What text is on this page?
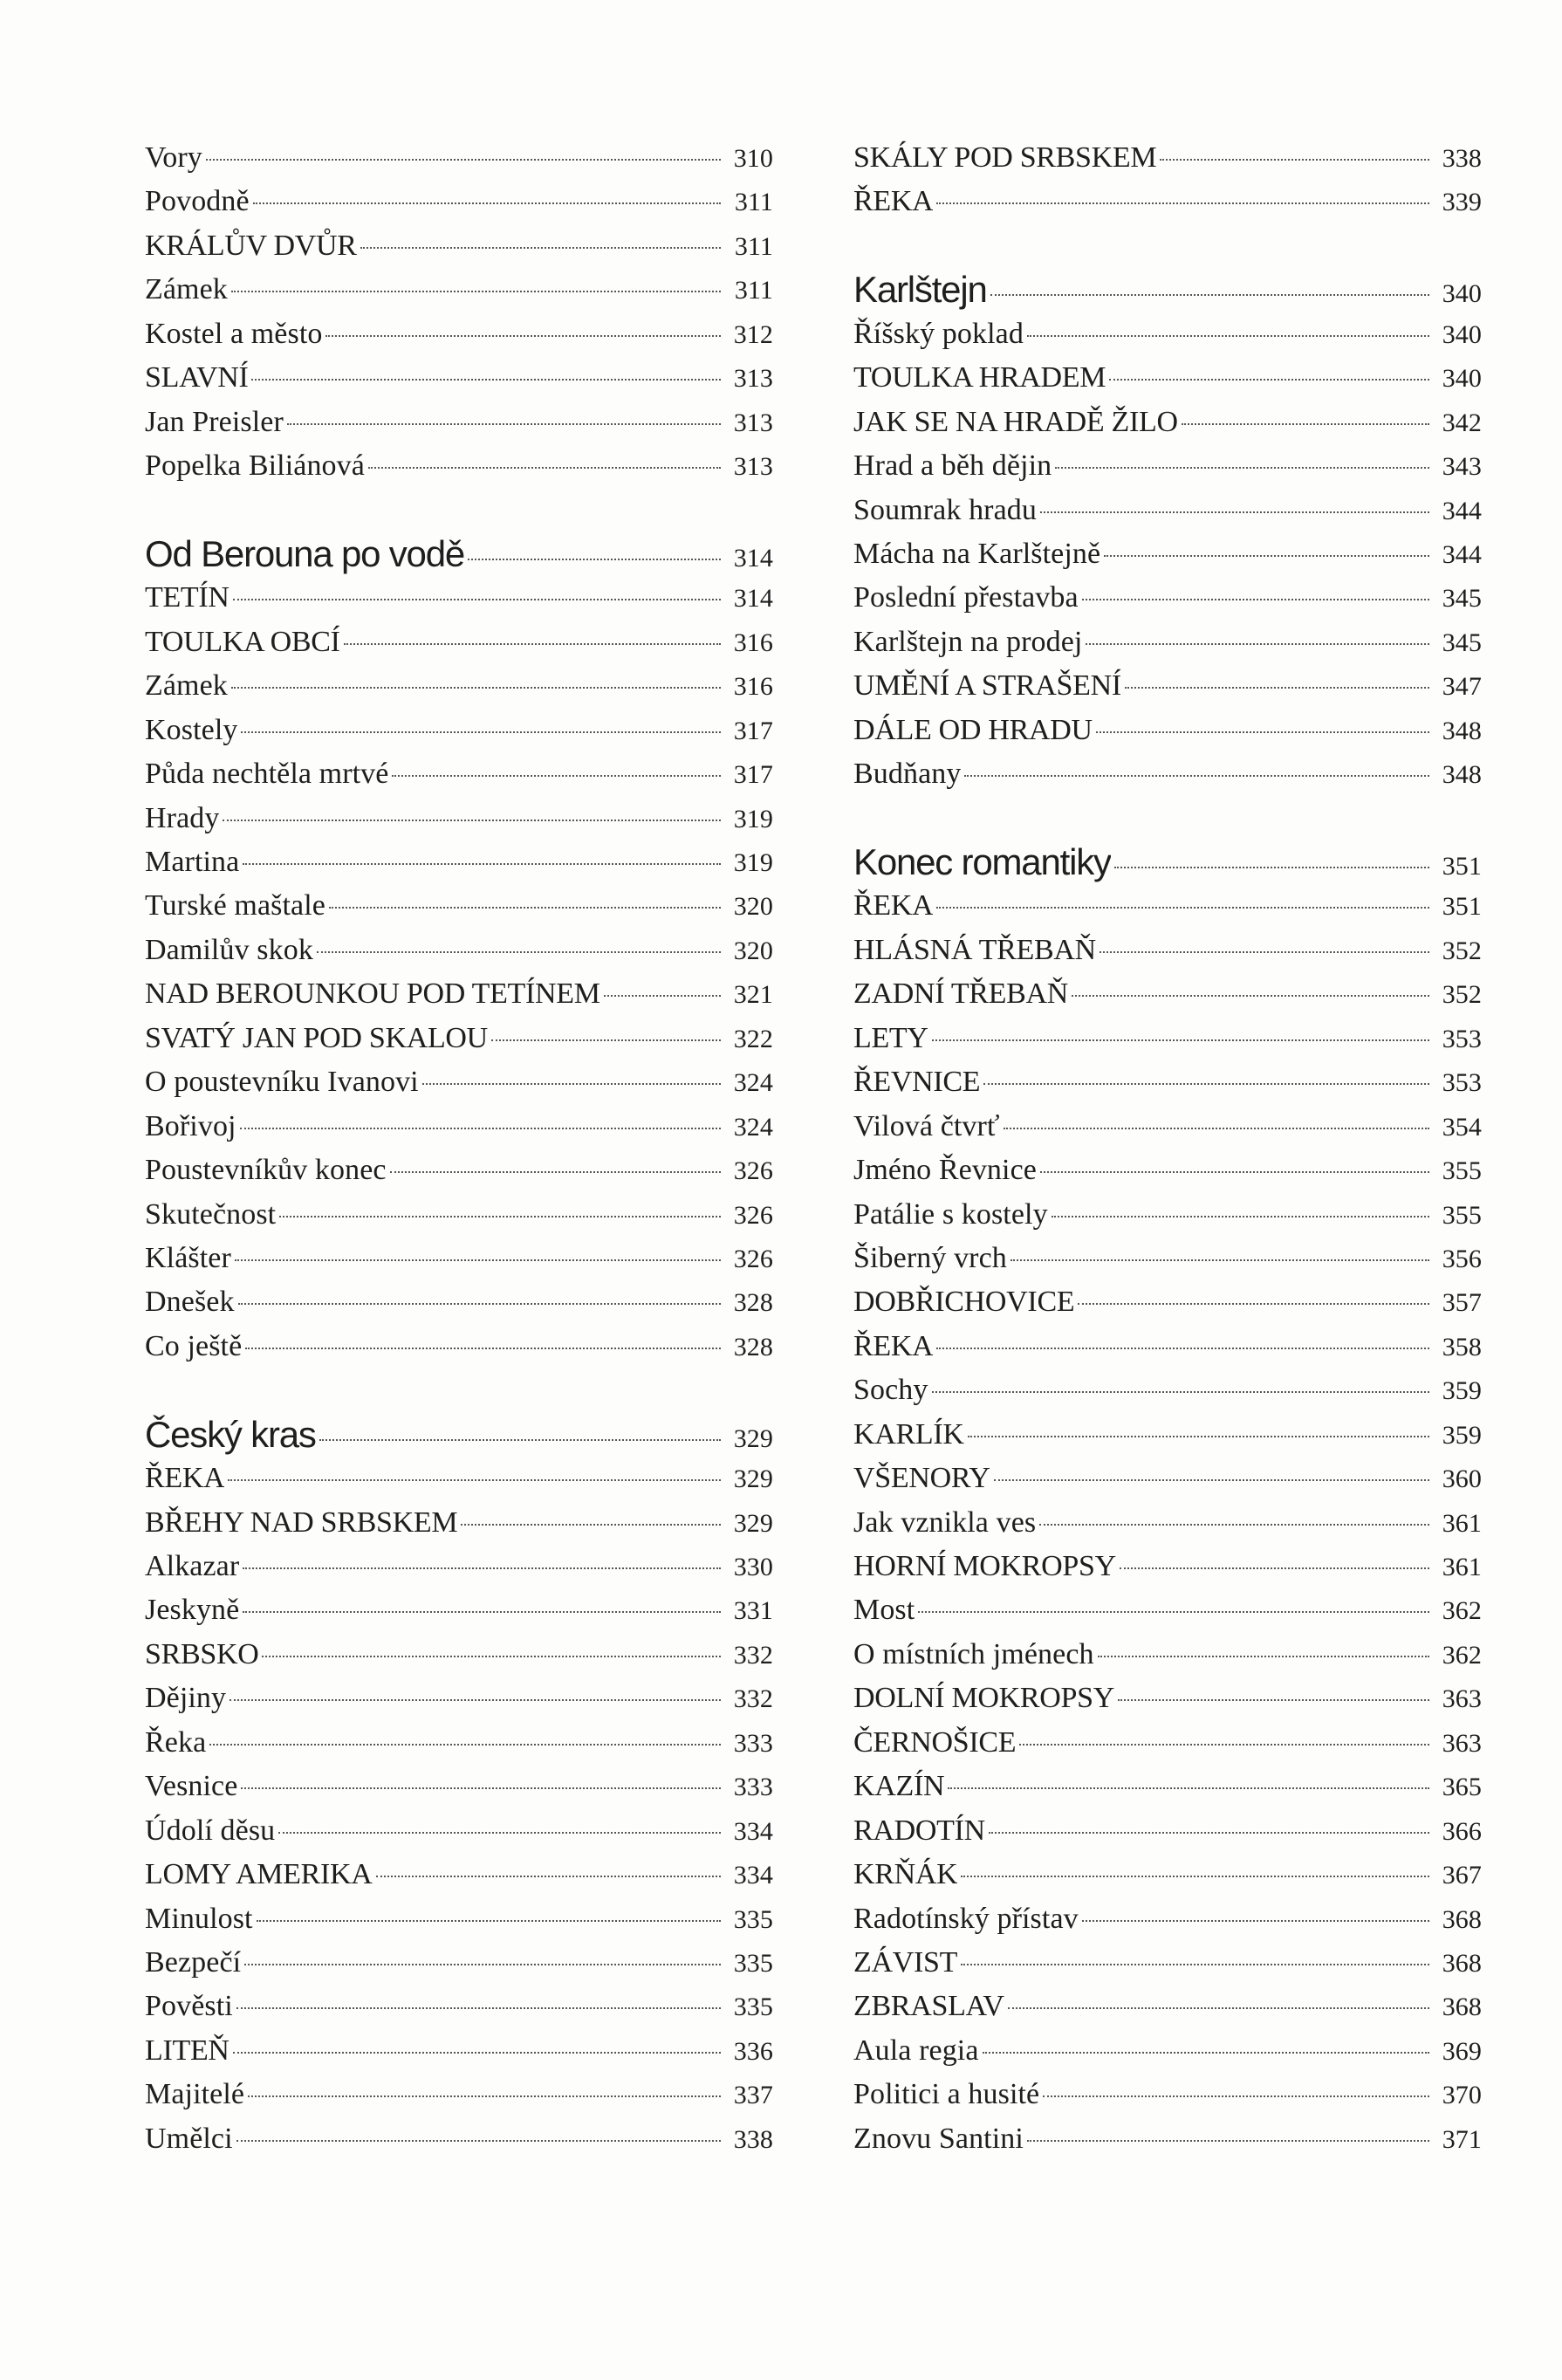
Vory	310
Povodně	311
KRÁLŮV DVŮR	311
Zámek	311
Kostel a město	312
SLAVNÍ	313
Jan Preisler	313
Popelka Biliánová	313
Od Berouna po vodě	314
TETÍN	314
TOULKA OBCÍ	316
Zámek	316
Kostely	317
Půda nechtěla mrtvé	317
Hrady	319
Martina	319
Turské maštale	320
Damilův skok	320
NAD BEROUNKOU POD TETÍNEM	321
SVATÝ JAN POD SKALOU	322
O poustevníku Ivanovi	324
Bořivoj	324
Poustevníkův konec	326
Skutečnost	326
Klášter	326
Dnešek	328
Co ještě	328
Český kras	329
ŘEKA	329
BŘEHY NAD SRBSKEM	329
Alkazar	330
Jeskyně	331
SRBSKO	332
Dějiny	332
Řeka	333
Vesnice	333
Údolí děsu	334
LOMY AMERIKA	334
Minulost	335
Bezpečí	335
Pověsti	335
LITEŇ	336
Majitelé	337
Umělci	338
SKÁLY POD SRBSKEM	338
ŘEKA	339
Karlštejn	340
Říšský poklad	340
TOULKA HRADEM	340
JAK SE NA HRADĚ ŽILO	342
Hrad a běh dějin	343
Soumrak hradu	344
Mácha na Karlštejně	344
Poslední přestavba	345
Karlštejn na prodej	345
UMĚNÍ A STRAŠENÍ	347
DÁLE OD HRADU	348
Budňany	348
Konec romantiky	351
ŘEKA	351
HLÁSNÁ TŘEBAŇ	352
ZADNÍ TŘEBAŇ	352
LETY	353
ŘEVNICE	353
Vilová čtvrť	354
Jméno Řevnice	355
Patálie s kostely	355
Šiberný vrch	356
DOBŘICHOVICE	357
ŘEKA	358
Sochy	359
KARLÍK	359
VŠENORY	360
Jak vznikla ves	361
HORNÍ MOKROPSY	361
Most	362
O místních jménech	362
DOLNÍ MOKROPSY	363
ČERNOŠICE	363
KAZÍN	365
RADOTÍN	366
KRŇÁK	367
Radotínský přístav	368
ZÁVIST	368
ZBRASLAV	368
Aula regia	369
Politici a husité	370
Znovu Santini	371
